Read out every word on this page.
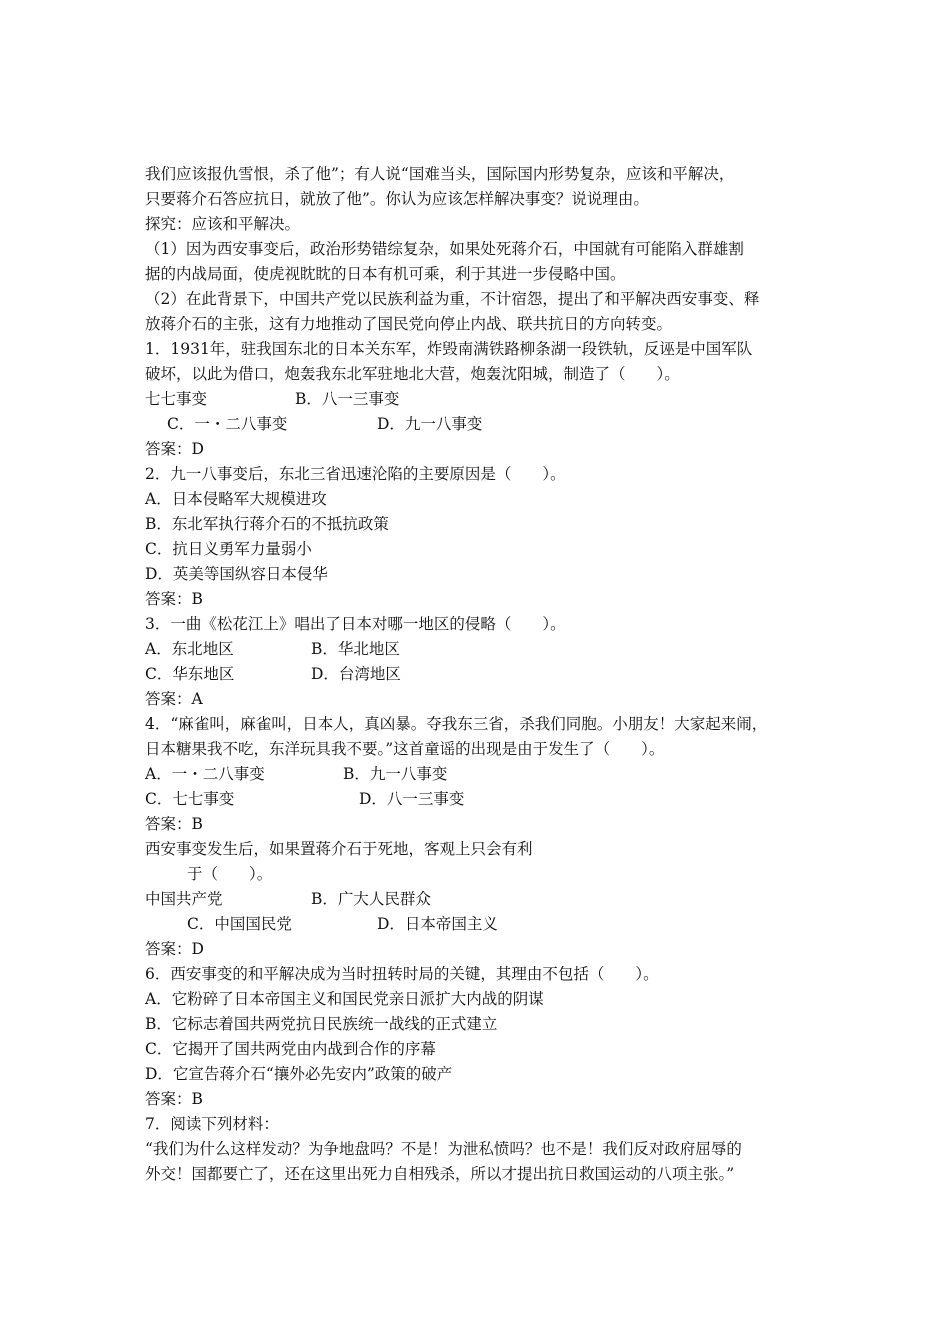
我们应该报仇雪恨，杀了他”；有人说“国难当头，国际国内形势复杂，应该和平解决，
只要蒋介石答应抗日，就放了他”。你认为应该怎样解决事变？说说理由。
探究：应该和平解决。
（1）因为西安事变后，政治形势错综复杂，如果处死蒋介石，中国就有可能陷入群雄割
据的内战局面，使虎视眈眈的日本有机可乘，利于其进一步侵略中国。
（2）在此背景下，中国共产党以民族利益为重，不计宿怨，提出了和平解决西安事变、释
放蒋介石的主张，这有力地推动了国民党向停止内战、联共抗日的方向转变。
1．1931年，驻我国东北的日本关东军，炸毁南满铁路柳条湖一段铁轨，反诬是中国军队
破坏，以此为借口，炮轰我东北军驻地北大营，炮轰沈阳城，制造了（　　）。
七七事变	B．八一三事变
C．一・二八事变	D．九一八事变
答案：D
2．九一八事变后，东北三省迅速沦陷的主要原因是（　　）。
A．日本侵略军大规模进攻
B．东北军执行蒋介石的不抵抗政策
C．抗日义勇军力量弱小
D．英美等国纵容日本侵华
答案：B
3．一曲《松花江上》唱出了日本对哪一地区的侵略（　　）。
A．东北地区	B．华北地区
C．华东地区	D．台湾地区
答案：A
4．“麻雀叫，麻雀叫，日本人，真凶暴。夺我东三省，杀我们同胞。小朋友！大家起来闹，
日本糖果我不吃，东洋玩具我不要。”这首童谣的出现是由于发生了（　　）。
A．一・二八事变	B．九一八事变
C．七七事变	D．八一三事变
答案：B
西安事变发生后，如果置蒋介石于死地，客观上只会有利
于（　　）。
中国共产党	B．广大人民群众
C．中国国民党	D．日本帝国主义
答案：D
6．西安事变的和平解决成为当时扭转时局的关键，其理由不包括（　　）。
A．它粉碎了日本帝国主义和国民党亲日派扩大内战的阴谋
B．它标志着国共两党抗日民族统一战线的正式建立
C．它揭开了国共两党由内战到合作的序幕
D．它宣告蒋介石“攘外必先安内”政策的破产
答案：B
7．阅读下列材料：
“我们为什么这样发动？为争地盘吗？不是！为泄私愤吗？也不是！我们反对政府屈辱的
外交！国都要亡了，还在这里出死力自相残杀，所以才提出抗日救国运动的八项主张。”
